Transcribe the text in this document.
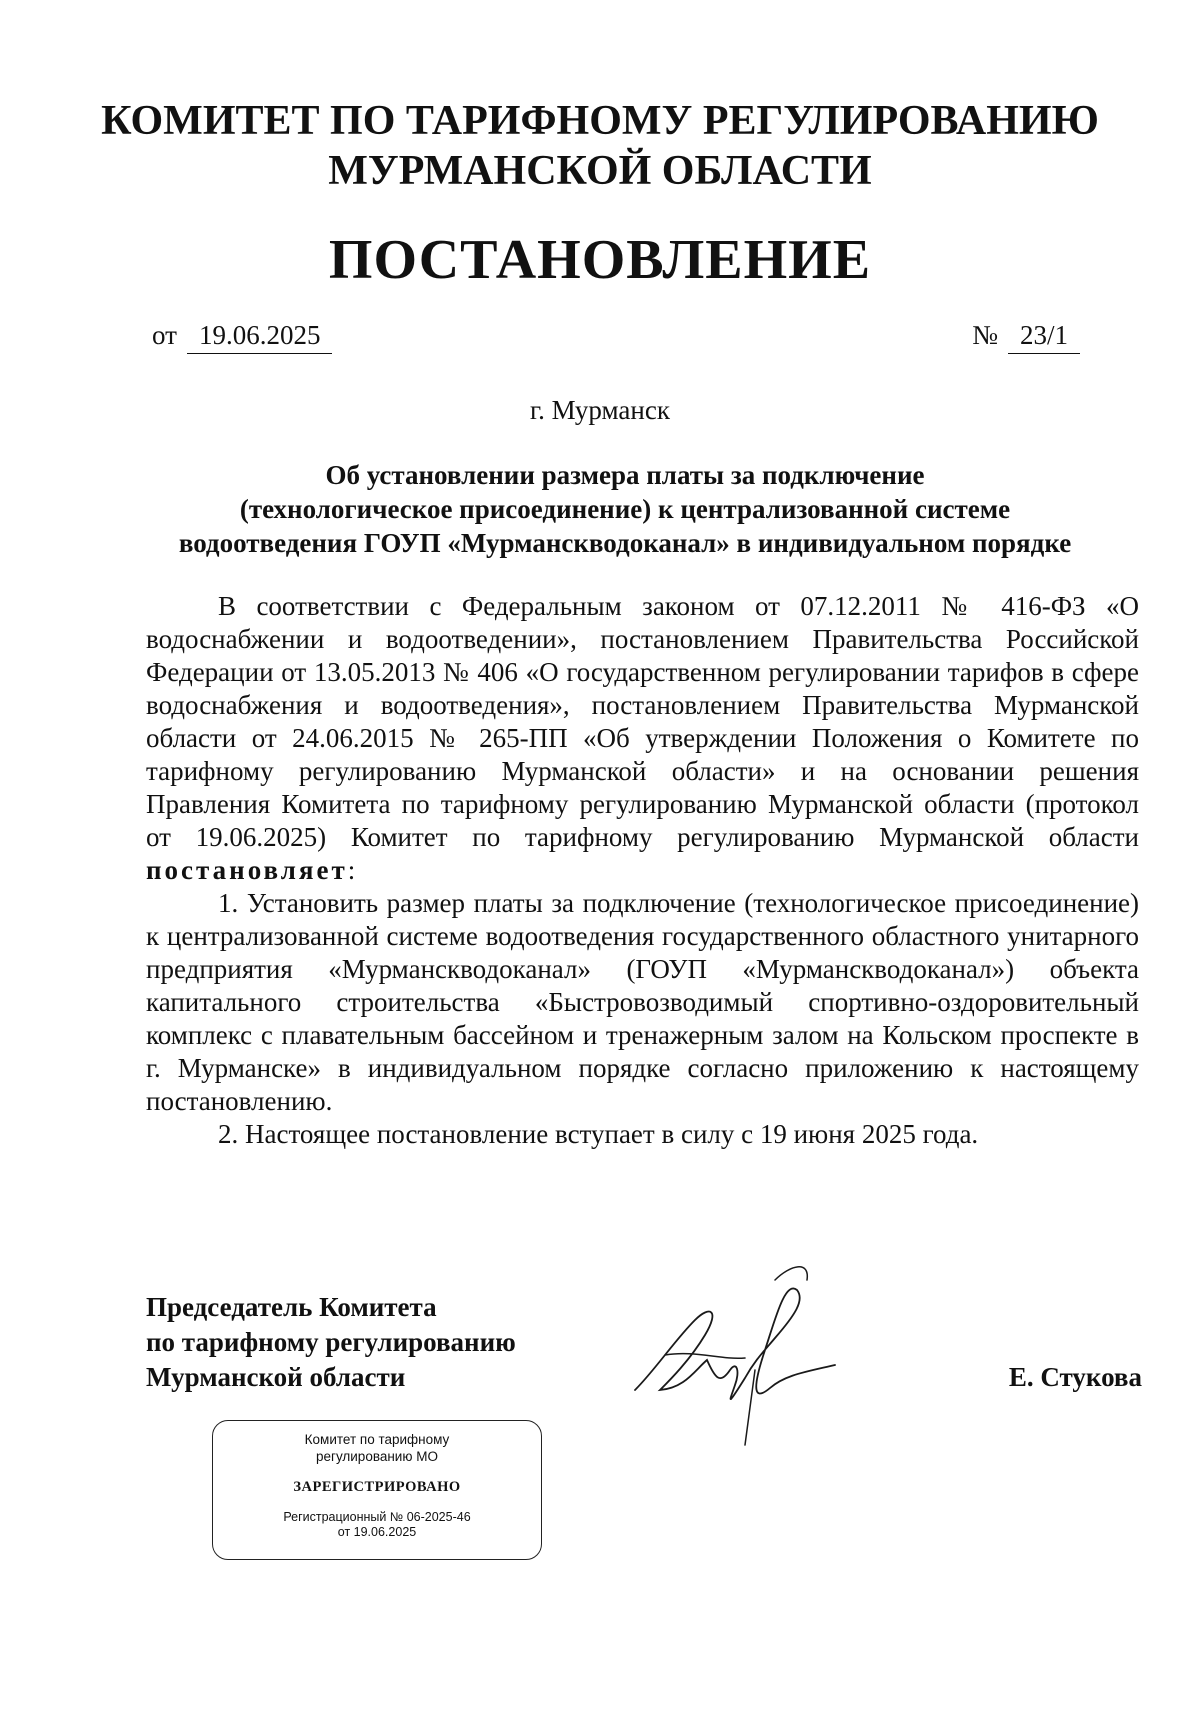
КОМИТЕТ ПО ТАРИФНОМУ РЕГУЛИРОВАНИЮ
МУРМАНСКОЙ ОБЛАСТИ
ПОСТАНОВЛЕНИЕ
от 19.06.2025	№ 23/1
г. Мурманск
Об установлении размера платы за подключение
(технологическое присоединение) к централизованной системе
водоотведения ГОУП «Мурманскводоканал» в индивидуальном порядке

В соответствии с Федеральным законом от 07.12.2011 № 416-ФЗ «О водоснабжении и водоотведении», постановлением Правительства Российской Федерации от 13.05.2013 № 406 «О государственном регулировании тарифов в сфере водоснабжения и водоотведения», постановлением Правительства Мурманской области от 24.06.2015 № 265-ПП «Об утверждении Положения о Комитете по тарифному регулированию Мурманской области» и на основании решения Правления Комитета по тарифному регулированию Мурманской области (протокол от 19.06.2025) Комитет по тарифному регулированию Мурманской области постановляет:

1. Установить размер платы за подключение (технологическое присоединение) к централизованной системе водоотведения государственного областного унитарного предприятия «Мурманскводоканал» (ГОУП «Мурманскводоканал») объекта капитального строительства «Быстровозводимый спортивно-оздоровительный комплекс с плавательным бассейном и тренажерным залом на Кольском проспекте в г. Мурманске» в индивидуальном порядке согласно приложению к настоящему постановлению.

2. Настоящее постановление вступает в силу с 19 июня 2025 года.

Председатель Комитета
по тарифному регулированию
Мурманской области	Е. Стукова
Комитет по тарифному
регулированию МО
ЗАРЕГИСТРИРОВАНО
Регистрационный № 06-2025-46
от 19.06.2025
